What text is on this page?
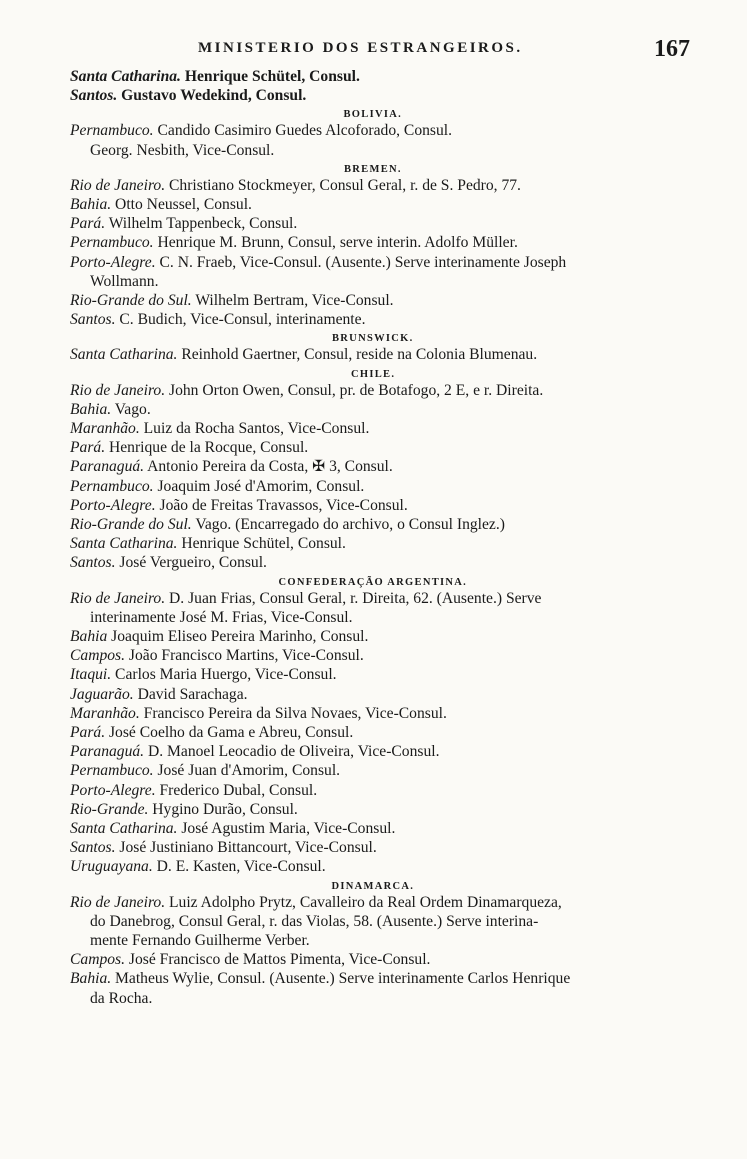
MINISTERIO DOS ESTRANGEIROS.	167
Santa Catharina. Henrique Schütel, Consul.
Santos. Gustavo Wedekind, Consul.
BOLIVIA.
Pernambuco. Candido Casimiro Guedes Alcoforado, Consul.
Georg. Nesbith, Vice-Consul.
BREMEN.
Rio de Janeiro. Christiano Stockmeyer, Consul Geral, r. de S. Pedro, 77.
Bahia. Otto Neussel, Consul.
Pará. Wilhelm Tappenbeck, Consul.
Pernambuco. Henrique M. Brunn, Consul, serve interin. Adolfo Müller.
Porto-Alegre. C. N. Fraeb, Vice-Consul. (Ausente.) Serve interinamente Joseph
Wollmann.
Rio-Grande do Sul. Wilhelm Bertram, Vice-Consul.
Santos. C. Budich, Vice-Consul, interinamente.
BRUNSWICK.
Santa Catharina. Reinhold Gaertner, Consul, reside na Colonia Blumenau.
CHILE.
Rio de Janeiro. John Orton Owen, Consul, pr. de Botafogo, 2 E, e r. Direita.
Bahia. Vago.
Maranhão. Luiz da Rocha Santos, Vice-Consul.
Pará. Henrique de la Rocque, Consul.
Paranaguá. Antonio Pereira da Costa, ✠ 3, Consul.
Pernambuco. Joaquim José d'Amorim, Consul.
Porto-Alegre. João de Freitas Travassos, Vice-Consul.
Rio-Grande do Sul. Vago. (Encarregado do archivo, o Consul Inglez.)
Santa Catharina. Henrique Schütel, Consul.
Santos. José Vergueiro, Consul.
CONFEDERAÇÃO ARGENTINA.
Rio de Janeiro. D. Juan Frias, Consul Geral, r. Direita, 62. (Ausente.) Serve
interinamente José M. Frias, Vice-Consul.
Bahia Joaquim Eliseo Pereira Marinho, Consul.
Campos. João Francisco Martins, Vice-Consul.
Itaqui. Carlos Maria Huergo, Vice-Consul.
Jaguarão. David Sarachaga.
Maranhão. Francisco Pereira da Silva Novaes, Vice-Consul.
Pará. José Coelho da Gama e Abreu, Consul.
Paranaguá. D. Manoel Leocadio de Oliveira, Vice-Consul.
Pernambuco. José Juan d'Amorim, Consul.
Porto-Alegre. Frederico Dubal, Consul.
Rio-Grande. Hygino Durão, Consul.
Santa Catharina. José Agustim Maria, Vice-Consul.
Santos. José Justiniano Bittancourt, Vice-Consul.
Uruguayana. D. E. Kasten, Vice-Consul.
DINAMARCA.
Rio de Janeiro. Luiz Adolpho Prytz, Cavalleiro da Real Ordem Dinamarqueza,
do Danebrog, Consul Geral, r. das Violas, 58. (Ausente.) Serve interina-
mente Fernando Guilherme Verber.
Campos. José Francisco de Mattos Pimenta, Vice-Consul.
Bahia. Matheus Wylie, Consul. (Ausente.) Serve interinamente Carlos Henrique
da Rocha.
